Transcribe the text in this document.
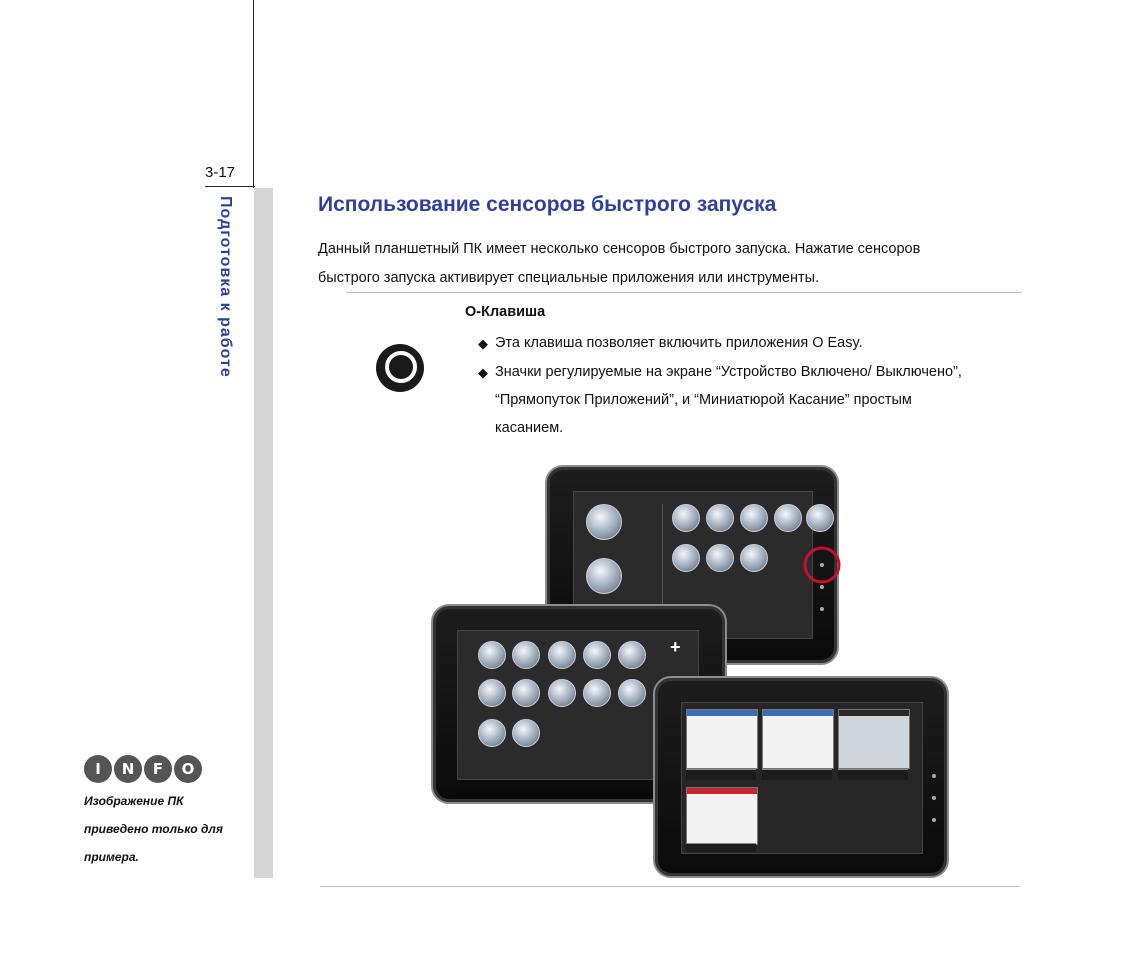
3-17
Подготовка к работе	Использование сенсоров быстрого запуска
Данный планшетный ПК имеет несколько сенсоров быстрого запуска. Нажатие сенсоров
быстрого запуска активирует специальные приложения или инструменты.
O-Клавиша
◆ Эта клавиша позволяет включить приложения O Easy.
◆ Значки регулируемые на экране “Устройство Включено/ Выключено”,
“Прямопуток Приложений”, и “Миниатюрой Касание” простым
касанием.
+
I N F O
Изображение ПК
приведено только для
примера.
